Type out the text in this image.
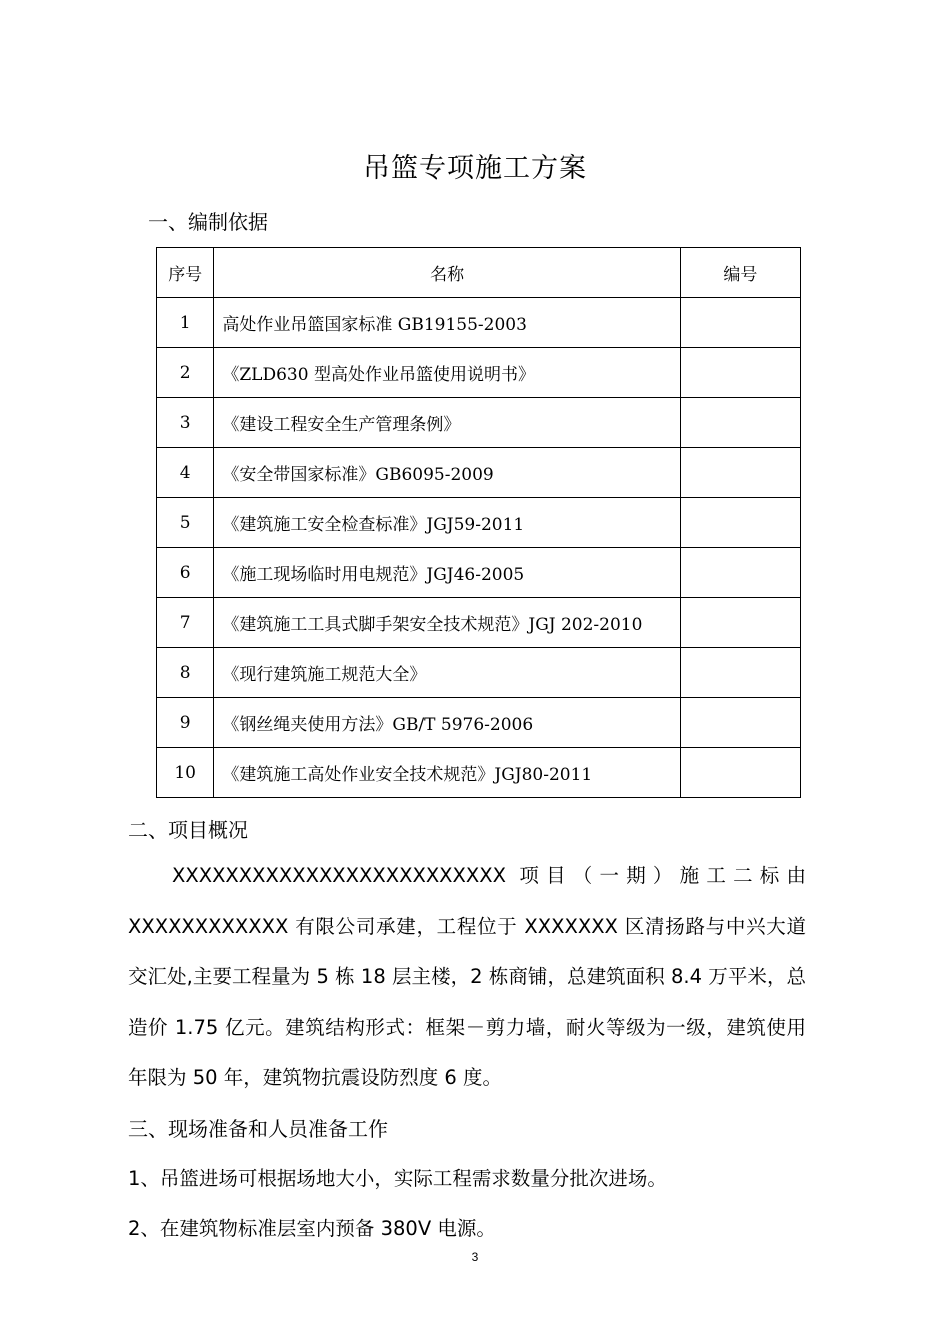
吊篮专项施工方案
一、编制依据
序号	名称	编号
1	高处作业吊篮国家标准 GB19155-2003	
2	《ZLD630 型高处作业吊篮使用说明书》	
3	《建设工程安全生产管理条例》	
4	《安全带国家标准》GB6095-2009	
5	《建筑施工安全检查标准》JGJ59-2011	
6	《施工现场临时用电规范》JGJ46-2005	
7	《建筑施工工具式脚手架安全技术规范》JGJ 202-2010	
8	《现行建筑施工规范大全》	
9	《钢丝绳夹使用方法》GB/T 5976-2006	
10	《建筑施工高处作业安全技术规范》JGJ80-2011	
二、项目概况
XXXXXXXXXXXXXXXXXXXXXXXXX 项目（一期）施工二标由 XXXXXXXXXXXX 有限公司承建，工程位于 XXXXXXX 区清扬路与中兴大道交汇处,主要工程量为 5 栋 18 层主楼，2 栋商铺，总建筑面积 8.4 万平米，总造价 1.75 亿元。建筑结构形式：框架－剪力墙，耐火等级为一级，建筑使用年限为 50 年，建筑物抗震设防烈度 6 度。
三、现场准备和人员准备工作
1、吊篮进场可根据场地大小，实际工程需求数量分批次进场。
2、在建筑物标准层室内预备 380V 电源。
3
